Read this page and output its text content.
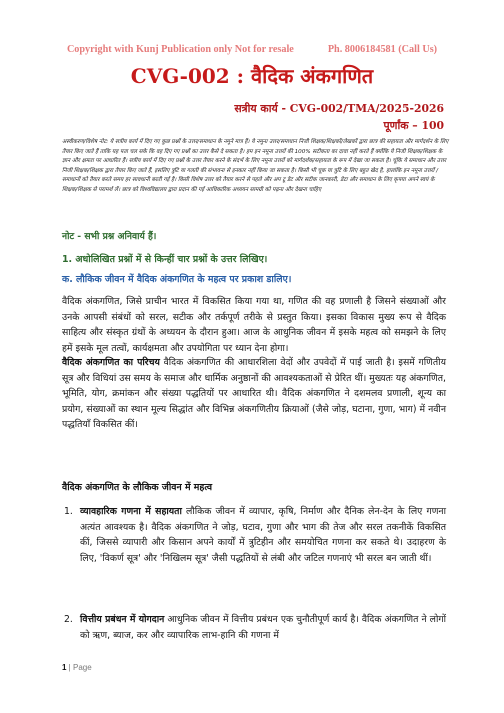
Copyright with Kunj Publication only Not for resale	Ph. 8006184581 (Call Us)
CVG-002 : वैदिक अंकगणित
सत्रीय कार्य - CVG-002/TMA/2025-2026
पूर्णांक – 100
अस्वीकरण/विशेष नोट: ये सत्रीय कार्य में दिए गए कुछ प्रश्नों के उत्तर/समाधान के नमूने मात्र हैं। ये नमूना उत्तर/समाधान निजी शिक्षक/शिक्षकों/लेखकों द्वारा छात्र की सहायता और मार्गदर्शन के लिए तैयार किए जाते हैं ताकि यह पता चल सके कि वह दिए गए प्रश्नों का उत्तर कैसे दे सकता है। हम इन नमूना उत्तरों की 100% सटीकता का दावा नहीं करते हैं क्योंकि ये निजी शिक्षक/शिक्षक के ज्ञान और क्षमता पर आधारित हैं। सत्रीय कार्य में दिए गए प्रश्नों के उत्तर तैयार करने के संदर्भ के लिए नमूना उत्तरों को मार्गदर्शक/सहायता के रूप में देखा जा सकता है। चूंकि ये समाधान और उत्तर निजी शिक्षक/शिक्षक द्वारा तैयार किए जाते हैं, इसलिए त्रुटि या गलती की संभावना से इनकार नहीं किया जा सकता है। किसी भी चूक या त्रुटि के लिए बहुत खेद है, हालांकि इन नमूना उत्तरों / समाधानों को तैयार करते समय हर सावधानी बरती गई है। किसी विशेष उत्तर को तैयार करने से पहले और अप टू डेट और सटीक जानकारी, डेटा और समाधान के लिए कृपया अपने स्वयं के शिक्षक/शिक्षक से परामर्श लें। छात्र को विश्वविद्यालय द्वारा प्रदान की गई आधिकारिक अध्ययन सामग्री को पढ़ना और देखना चाहिए
नोट - सभी प्रश्न अनिवार्य हैं।
1. अधोलिखित प्रश्नों में से किन्हीं चार प्रश्नों के उत्तर लिखिए।
क. लौकिक जीवन में वैदिक अंकगणित के महत्व पर प्रकाश डालिए।
वैदिक अंकगणित, जिसे प्राचीन भारत में विकसित किया गया था, गणित की वह प्रणाली है जिसने संख्याओं और उनके आपसी संबंधों को सरल, सटीक और तर्कपूर्ण तरीके से प्रस्तुत किया। इसका विकास मुख्य रूप से वैदिक साहित्य और संस्कृत ग्रंथों के अध्ययन के दौरान हुआ। आज के आधुनिक जीवन में इसके महत्व को समझने के लिए हमें इसके मूल तत्वों, कार्यक्षमता और उपयोगिता पर ध्यान देना होगा।
वैदिक अंकगणित का परिचय वैदिक अंकगणित की आधारशिला वेदों और उपवेदों में पाई जाती है। इसमें गणितीय सूत्र और विधियां उस समय के समाज और धार्मिक अनुष्ठानों की आवश्यकताओं से प्रेरित थीं। मुख्यतः यह अंकगणित, भूमिति, योग, क्रमांकन और संख्या पद्धतियों पर आधारित थी। वैदिक अंकगणित ने दशमलव प्रणाली, शून्य का प्रयोग, संख्याओं का स्थान मूल्य सिद्धांत और विभिन्न अंकगणितीय क्रियाओं (जैसे जोड़, घटाना, गुणा, भाग) में नवीन पद्धतियाँ विकसित कीं।
वैदिक अंकगणित के लौकिक जीवन में महत्व
1. व्यावहारिक गणना में सहायता लौकिक जीवन में व्यापार, कृषि, निर्माण और दैनिक लेन-देन के लिए गणना अत्यंत आवश्यक है। वैदिक अंकगणित ने जोड़, घटाव, गुणा और भाग की तेज और सरल तकनीकें विकसित कीं, जिससे व्यापारी और किसान अपने कार्यों में त्रुटिहीन और समयोचित गणना कर सकते थे। उदाहरण के लिए, 'विकर्ण सूत्र' और 'निखिलम सूत्र' जैसी पद्धतियों से लंबी और जटिल गणनाएं भी सरल बन जाती थीं।
2. वित्तीय प्रबंधन में योगदान आधुनिक जीवन में वित्तीय प्रबंधन एक चुनौतीपूर्ण कार्य है। वैदिक अंकगणित ने लोगों को ऋण, ब्याज, कर और व्यापारिक लाभ-हानि की गणना में
1 | Page
